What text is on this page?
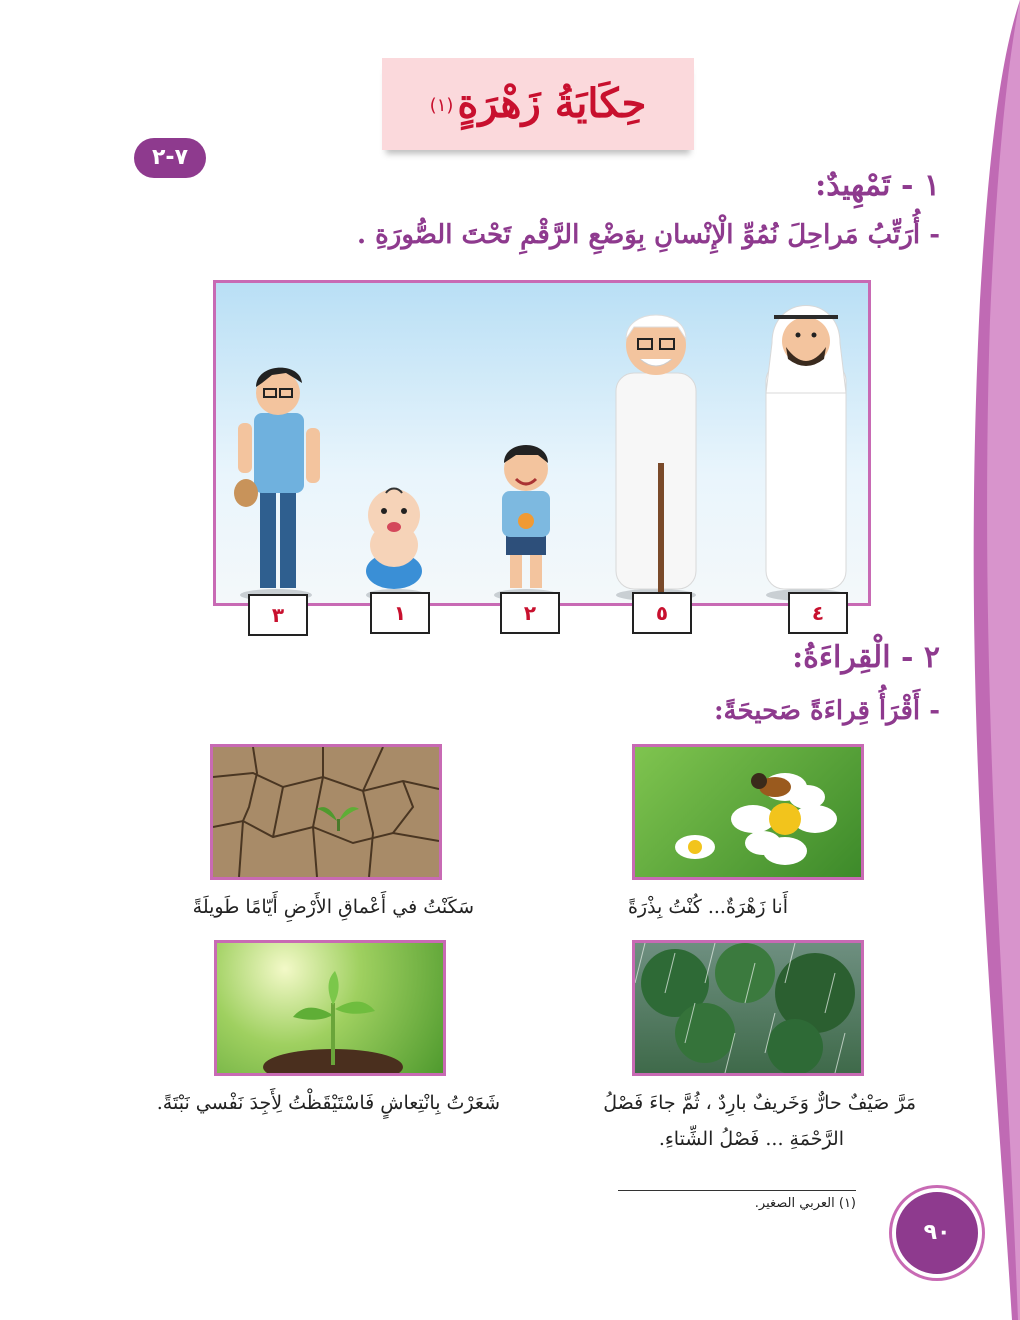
حِكَايَةُ زَهْرَةٍ(١)
٧-٢
١ - تَمْهِيدٌ:
- أُرَتِّبُ مَراحِلَ نُمُوِّ الْإِنْسانِ بِوَضْعِ الرَّقْمِ تَحْتَ الصُّورَةِ .
٣	١	٢	٥	٤
٢ - الْقِراءَةُ:
- أَقْرَأُ قِراءَةً صَحيحَةً:
أَنا زَهْرَةٌ... كُنْتُ بِذْرَةً
سَكَنْتُ في أَعْماقِ الأَرْضِ أَيّامًا طَويلَةً
مَرَّ صَيْفٌ حارٌّ وَخَريفٌ بارِدٌ ، ثُمَّ جاءَ فَصْلُ
الرَّحْمَةِ ... فَصْلُ الشِّتاءِ.
شَعَرْتُ بِانْتِعاشٍ فَاسْتَيْقَظْتُ لِأَجِدَ نَفْسي نَبْتَةً.
(١) العربي الصغير.
٩٠
